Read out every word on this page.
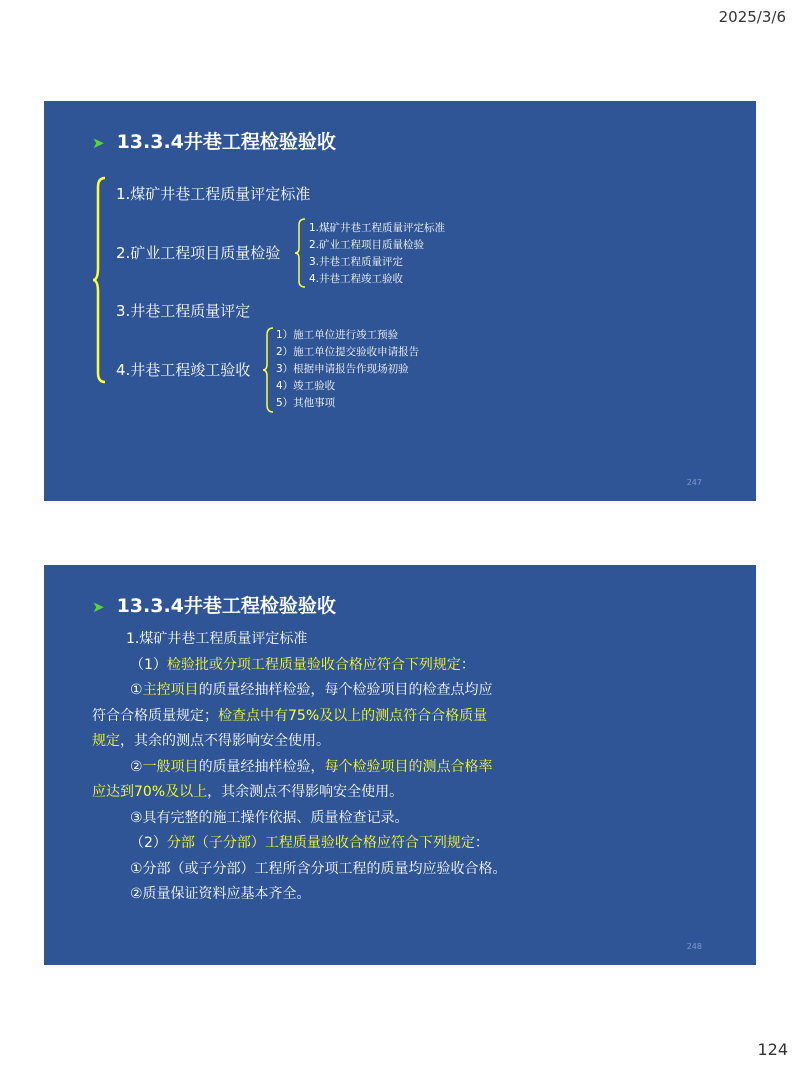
2025/3/6
➤ 13.3.4井巷工程检验验收
1.煤矿井巷工程质量评定标准
2.矿业工程项目质量检验
3.井巷工程质量评定
4.井巷工程竣工验收
1.煤矿井巷工程质量评定标准
2.矿业工程项目质量检验
3.井巷工程质量评定
4.井巷工程竣工验收
1）施工单位进行竣工预验
2）施工单位提交验收申请报告
3）根据申请报告作现场初验
4）竣工验收
5）其他事项
247
➤ 13.3.4井巷工程检验验收
1.煤矿井巷工程质量评定标准
（1）检验批或分项工程质量验收合格应符合下列规定：
①主控项目的质量经抽样检验，每个检验项目的检查点均应
符合合格质量规定；检查点中有75%及以上的测点符合合格质量
规定，其余的测点不得影响安全使用。
②一般项目的质量经抽样检验，每个检验项目的测点合格率
应达到70%及以上，其余测点不得影响安全使用。
③具有完整的施工操作依据、质量检查记录。
（2）分部（子分部）工程质量验收合格应符合下列规定：
①分部（或子分部）工程所含分项工程的质量均应验收合格。
②质量保证资料应基本齐全。
248
124
